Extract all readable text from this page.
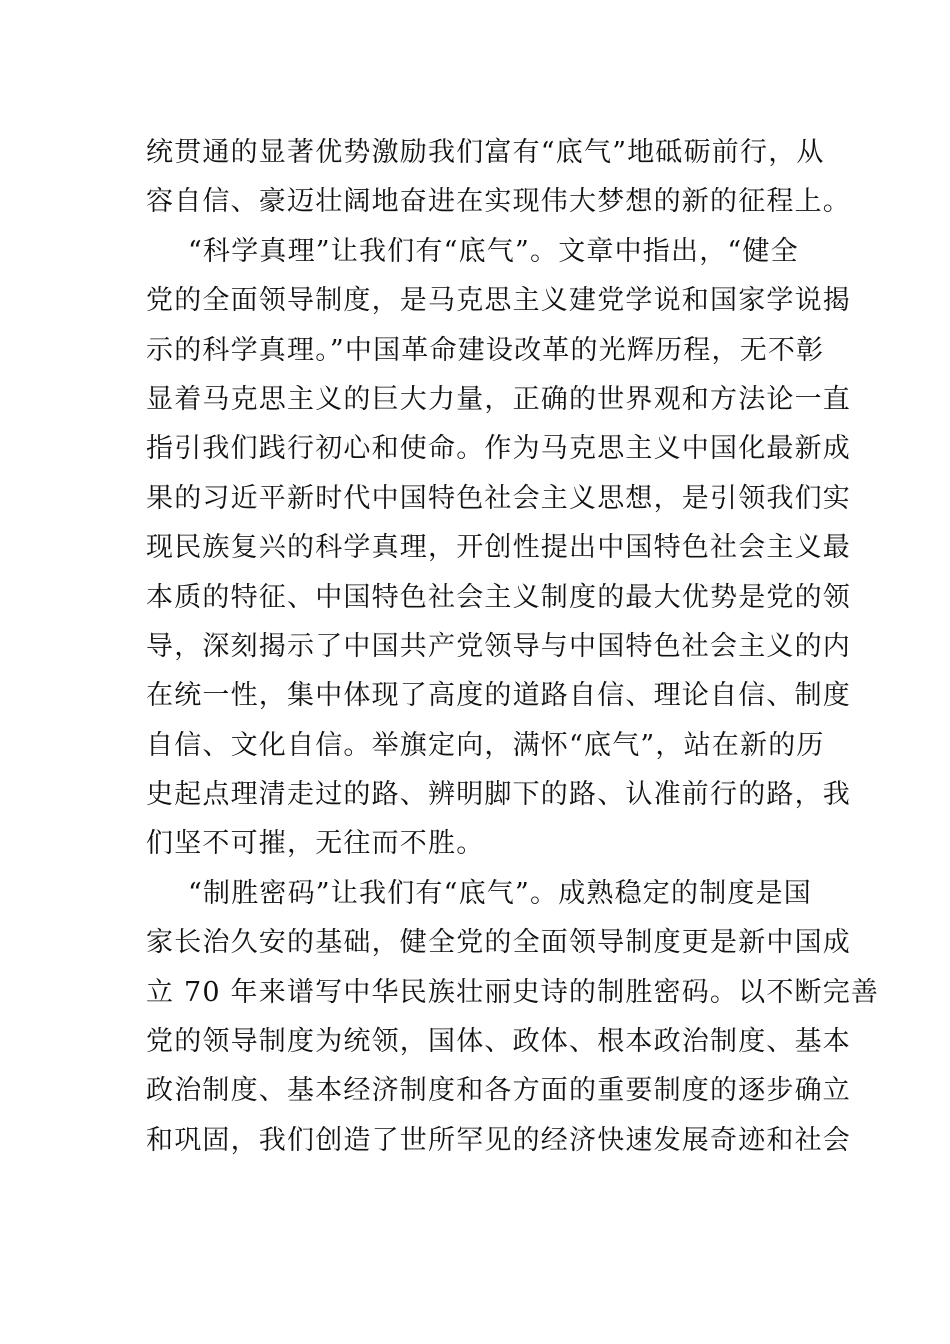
统贯通的显著优势激励我们富有“底气”地砥砺前行，从
容自信、豪迈壮阔地奋进在实现伟大梦想的新的征程上。
“科学真理”让我们有“底气”。文章中指出，“健全
党的全面领导制度，是马克思主义建党学说和国家学说揭
示的科学真理。”中国革命建设改革的光辉历程，无不彰
显着马克思主义的巨大力量，正确的世界观和方法论一直
指引我们践行初心和使命。作为马克思主义中国化最新成
果的习近平新时代中国特色社会主义思想，是引领我们实
现民族复兴的科学真理，开创性提出中国特色社会主义最
本质的特征、中国特色社会主义制度的最大优势是党的领
导，深刻揭示了中国共产党领导与中国特色社会主义的内
在统一性，集中体现了高度的道路自信、理论自信、制度
自信、文化自信。举旗定向，满怀“底气”，站在新的历
史起点理清走过的路、辨明脚下的路、认准前行的路，我
们坚不可摧，无往而不胜。
“制胜密码”让我们有“底气”。成熟稳定的制度是国
家长治久安的基础，健全党的全面领导制度更是新中国成
立 70 年来谱写中华民族壮丽史诗的制胜密码。以不断完善
党的领导制度为统领，国体、政体、根本政治制度、基本
政治制度、基本经济制度和各方面的重要制度的逐步确立
和巩固，我们创造了世所罕见的经济快速发展奇迹和社会
